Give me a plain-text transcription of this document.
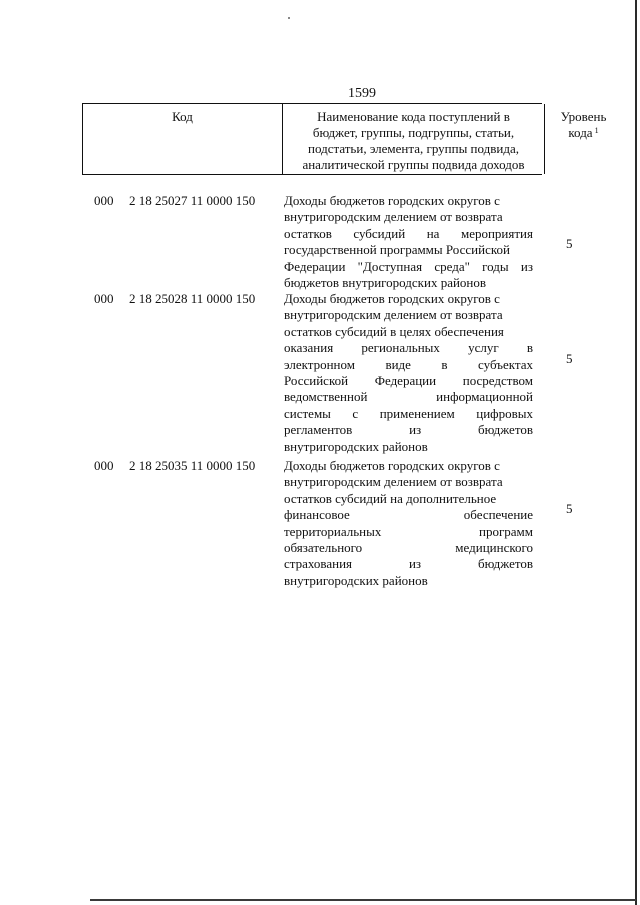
1599
Код	Наименование кода поступлений в
бюджет, группы, подгруппы, статьи,
подстатьи, элемента, группы подвида,
аналитической группы подвида доходов
Уровень
кода $^1$
000 2 18 25027 11 0000 150 Доходы бюджетов городских округов с
внутригородским делением от возврата
остатков субсидий на мероприятия
государственной программы Российской
Федерации "Доступная среда" годы из
бюджетов внутригородских районов
5
000 2 18 25028 11 0000 150 Доходы бюджетов городских округов с
внутригородским делением от возврата
остатков субсидий в целях обеспечения
оказания региональных услуг в
электронном виде в субъектах
Российской Федерации посредством
ведомственной	информационной
системы с применением цифровых
регламентов	из	бюджетов
внутригородских районов
5
000 2 18 25035 11 0000 150 Доходы бюджетов городских округов с
внутригородским делением от возврата
остатков субсидий на дополнительное
финансовое	обеспечение
территориальных	программ
обязательного	медицинского
страхования	из	бюджетов
внутригородских районов
5
